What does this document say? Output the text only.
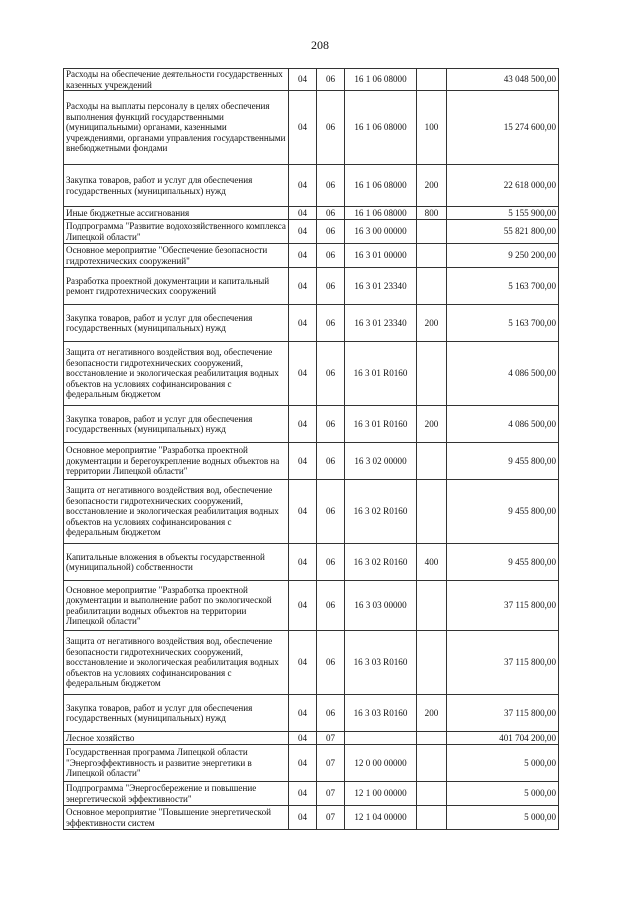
208
Расходы на обеспечение деятельности государственных казенных учреждений	04	06	16 1 06 08000		43 048 500,00
Расходы на выплаты персоналу в целях обеспечения выполнения функций государственными (муниципальными) органами, казенными учреждениями, органами управления государственными внебюджетными фондами	04	06	16 1 06 08000	100	15 274 600,00
Закупка товаров, работ и услуг для обеспечения государственных (муниципальных) нужд	04	06	16 1 06 08000	200	22 618 000,00
Иные бюджетные ассигнования	04	06	16 1 06 08000	800	5 155 900,00
Подпрограмма "Развитие водохозяйственного комплекса Липецкой области"	04	06	16 3 00 00000		55 821 800,00
Основное мероприятие "Обеспечение безопасности гидротехнических сооружений"	04	06	16 3 01 00000		9 250 200,00
Разработка проектной документации и капитальный ремонт гидротехнических сооружений	04	06	16 3 01 23340		5 163 700,00
Закупка товаров, работ и услуг для обеспечения государственных (муниципальных) нужд	04	06	16 3 01 23340	200	5 163 700,00
Защита от негативного воздействия вод, обеспечение безопасности гидротехнических сооружений, восстановление и экологическая реабилитация водных объектов на условиях софинансирования с федеральным бюджетом	04	06	16 3 01 R0160		4 086 500,00
Закупка товаров, работ и услуг для обеспечения государственных (муниципальных) нужд	04	06	16 3 01 R0160	200	4 086 500,00
Основное мероприятие "Разработка проектной документации и берегоукрепление водных объектов на территории Липецкой области"	04	06	16 3 02 00000		9 455 800,00
Защита от негативного воздействия вод, обеспечение безопасности гидротехнических сооружений, восстановление и экологическая реабилитация водных объектов на условиях софинансирования с федеральным бюджетом	04	06	16 3 02 R0160		9 455 800,00
Капитальные вложения в объекты государственной (муниципальной) собственности	04	06	16 3 02 R0160	400	9 455 800,00
Основное мероприятие "Разработка проектной документации и выполнение работ по экологической реабилитации водных объектов на территории Липецкой области"	04	06	16 3 03 00000		37 115 800,00
Защита от негативного воздействия вод, обеспечение безопасности гидротехнических сооружений, восстановление и экологическая реабилитация водных объектов на условиях софинансирования с федеральным бюджетом	04	06	16 3 03 R0160		37 115 800,00
Закупка товаров, работ и услуг для обеспечения государственных (муниципальных) нужд	04	06	16 3 03 R0160	200	37 115 800,00
Лесное хозяйство	04	07			401 704 200,00
Государственная программа Липецкой области "Энергоэффективность и развитие энергетики в Липецкой области"	04	07	12 0 00 00000		5 000,00
Подпрограмма "Энергосбережение и повышение энергетической эффективности"	04	07	12 1 00 00000		5 000,00
Основное мероприятие "Повышение энергетической эффективности систем	04	07	12 1 04 00000		5 000,00
